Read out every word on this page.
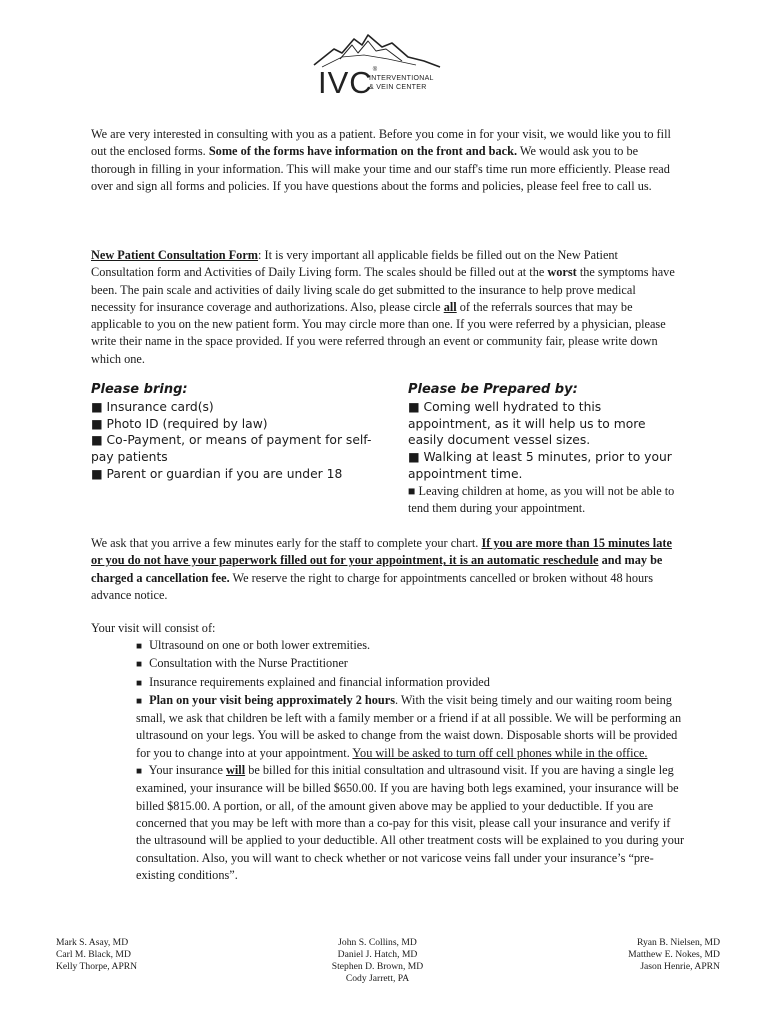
IVC®
INTERVENTIONAL
& VEIN CENTER

We are very interested in consulting with you as a patient. Before you come in for your visit, we would like you to fill out the enclosed forms. Some of the forms have information on the front and back. We would ask you to be thorough in filling in your information. This will make your time and our staff's time run more efficiently. Please read over and sign all forms and policies. If you have questions about the forms and policies, please feel free to call us.

New Patient Consultation Form: It is very important all applicable fields be filled out on the New Patient Consultation form and Activities of Daily Living form. The scales should be filled out at the worst the symptoms have been. The pain scale and activities of daily living scale do get submitted to the insurance to help prove medical necessity for insurance coverage and authorizations. Also, please circle all of the referrals sources that may be applicable to you on the new patient form. You may circle more than one. If you were referred by a physician, please write their name in the space provided. If you were referred through an event or community fair, please write down which one.

Please bring:
■ Insurance card(s)
■ Photo ID (required by law)
■ Co-Payment, or means of payment for self-pay patients
■ Parent or guardian if you are under 18
Please be Prepared by:
■ Coming well hydrated to this appointment, as it will help us to more easily document vessel sizes.
■ Walking at least 5 minutes, prior to your appointment time.
■ Leaving children at home, as you will not be able to tend them during your appointment.

We ask that you arrive a few minutes early for the staff to complete your chart. If you are more than 15 minutes late or you do not have your paperwork filled out for your appointment, it is an automatic reschedule and may be charged a cancellation fee. We reserve the right to charge for appointments cancelled or broken without 48 hours advance notice.

Your visit will consist of:

■ Ultrasound on one or both lower extremities.
■ Consultation with the Nurse Practitioner
■ Insurance requirements explained and financial information provided
■ Plan on your visit being approximately 2 hours. With the visit being timely and our waiting room being small, we ask that children be left with a family member or a friend if at all possible. We will be performing an ultrasound on your legs. You will be asked to change from the waist down. Disposable shorts will be provided for you to change into at your appointment. You will be asked to turn off cell phones while in the office.
■ Your insurance will be billed for this initial consultation and ultrasound visit. If you are having a single leg examined, your insurance will be billed $650.00. If you are having both legs examined, your insurance will be billed $815.00. A portion, or all, of the amount given above may be applied to your deductible. If you are concerned that you may be left with more than a co-pay for this visit, please call your insurance and verify if the ultrasound will be applied to your deductible. All other treatment costs will be explained to you during your consultation. Also, you will want to check whether or not varicose veins fall under your insurance’s “pre-existing conditions”.
Mark S. Asay, MD
Carl M. Black, MD
Kelly Thorpe, APRN
John S. Collins, MD
Daniel J. Hatch, MD
Stephen D. Brown, MD
Cody Jarrett, PA
Ryan B. Nielsen, MD
Matthew E. Nokes, MD
Jason Henrie, APRN
